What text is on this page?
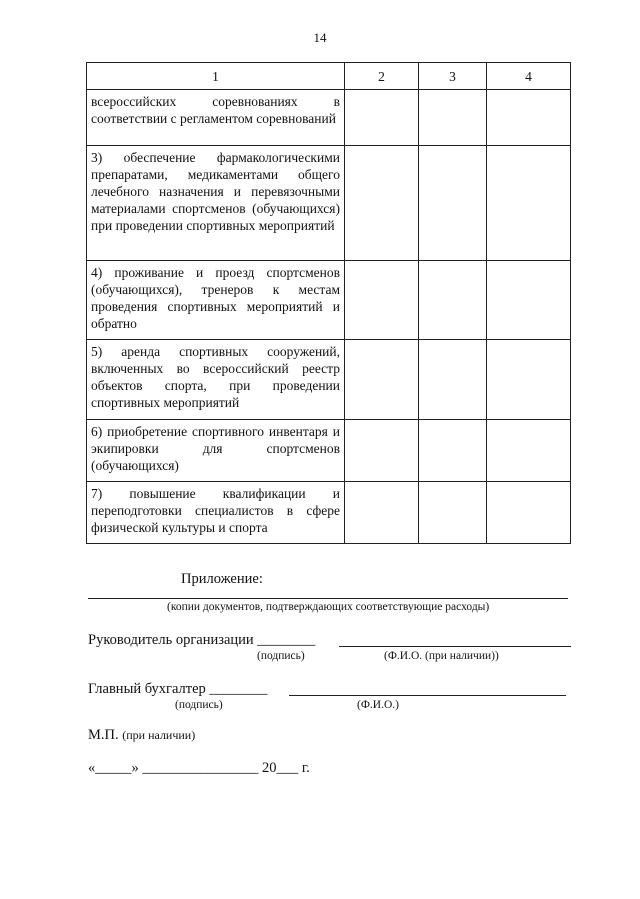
14
1	2	3	4
всероссийских соревнованиях в соответствии с регламентом соревнований			
3) обеспечение фармакологическими препаратами, медикаментами общего лечебного назначения и перевязочными материалами спортсменов (обучающихся) при проведении спортивных мероприятий			
4) проживание и проезд спортсменов (обучающихся), тренеров к местам проведения спортивных мероприятий и обратно			
5) аренда спортивных сооружений, включенных во всероссийский реестр объектов спорта, при проведении спортивных мероприятий			
6) приобретение спортивного инвентаря и экипировки для спортсменов (обучающихся)			
7) повышение квалификации и переподготовки специалистов в сфере физической культуры и спорта			
Приложение:
(копии документов, подтверждающих соответствующие расходы)
Руководитель организации ________
(подпись)	(Ф.И.О. (при наличии))
Главный бухгалтер ________
(подпись)	(Ф.И.О.)
М.П. (при наличии)
«_____» ________________ 20___ г.
